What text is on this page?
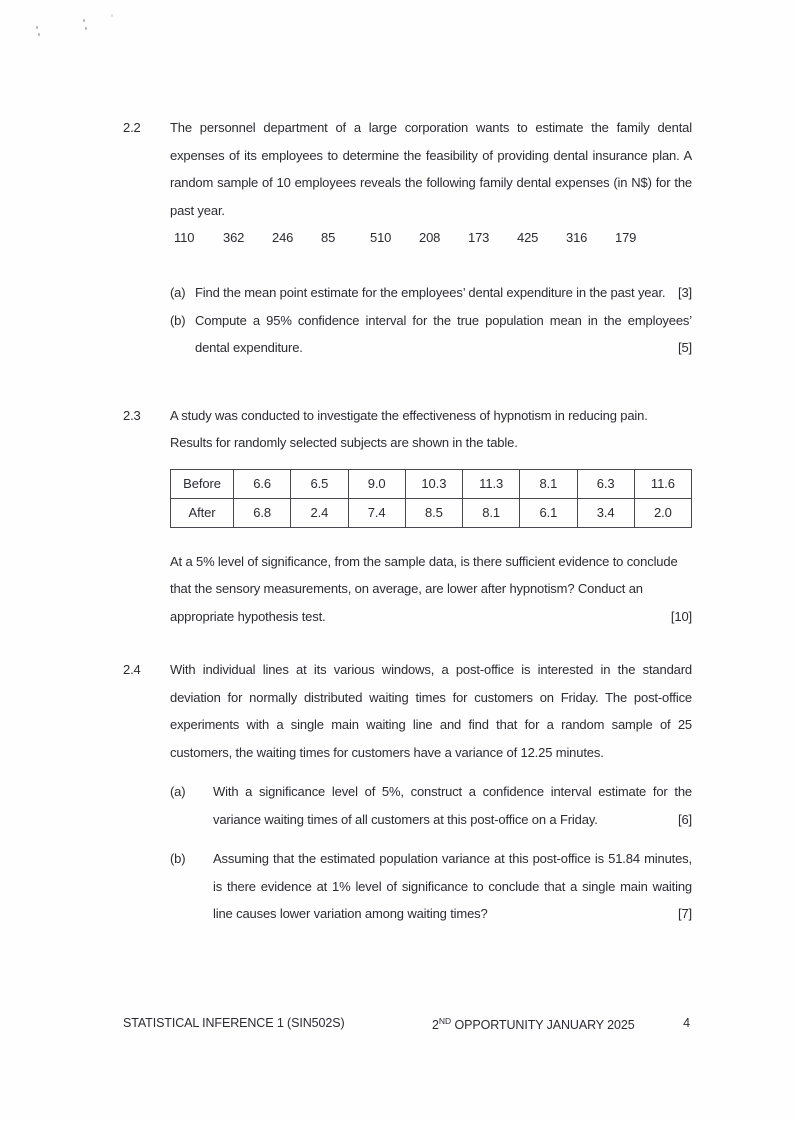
2.2	The personnel department of a large corporation wants to estimate the family dental expenses of its employees to determine the feasibility of providing dental insurance plan. A random sample of 10 employees reveals the following family dental expenses (in N$) for the past year.
110	362	246	85	510	208	173	425	316	179
(a) Find the mean point estimate for the employees’ dental expenditure in the past year. [3]
(b) Compute a 95% confidence interval for the true population mean in the employees’ dental expenditure.	[5]
2.3	A study was conducted to investigate the effectiveness of hypnotism in reducing pain. Results for randomly selected subjects are shown in the table.
Before	6.6	6.5	9.0	10.3	11.3	8.1	6.3	11.6
After	6.8	2.4	7.4	8.5	8.1	6.1	3.4	2.0
At a 5% level of significance, from the sample data, is there sufficient evidence to conclude that the sensory measurements, on average, are lower after hypnotism? Conduct an appropriate hypothesis test.	[10]
2.4	With individual lines at its various windows, a post-office is interested in the standard deviation for normally distributed waiting times for customers on Friday. The post-office experiments with a single main waiting line and find that for a random sample of 25 customers, the waiting times for customers have a variance of 12.25 minutes.
(a)	With a significance level of 5%, construct a confidence interval estimate for the variance waiting times of all customers at this post-office on a Friday.	[6]
(b)	Assuming that the estimated population variance at this post-office is 51.84 minutes, is there evidence at 1% level of significance to conclude that a single main waiting line causes lower variation among waiting times?	[7]
STATISTICAL INFERENCE 1 (SIN502S)	2ND OPPORTUNITY JANUARY 2025	4
